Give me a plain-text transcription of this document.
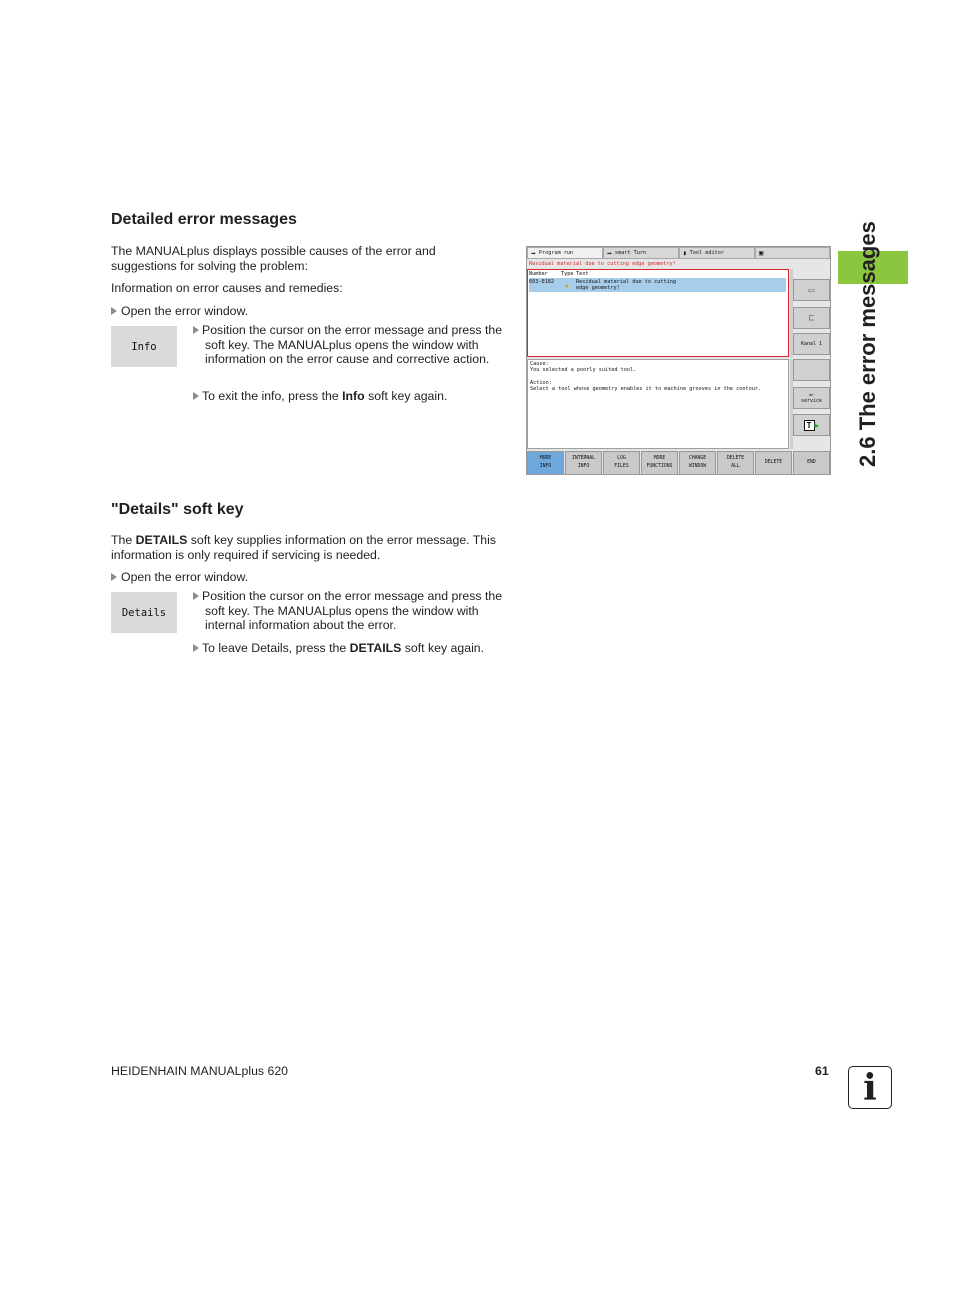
2.6 The error messages
Detailed error messages

The MANUALplus displays possible causes of the error and suggestions for solving the problem:

Information on error causes and remedies:

Open the error window.

Info

Position the cursor on the error message and press the soft key. The MANUALplus opens the window with information on the error cause and corrective action.

To exit the info, press the Info soft key again.

➡ Program run	➡ smart Turn	▮ Tool editor	▣
Residual material due to cutting edge geometry!
Number	Type Text
603-0182 ▲ Residual material due to cutting
edge geometry!
Cause:
You selected a poorly suited tool.
Action:
Select a tool whose geometry enables it to machine grooves in the contour.
▭
⊏
Kanal 1
⟜
service
T ▶
MORE
INFO
INTERNAL
INFO
LOG
FILES
MORE
FUNCTIONS
CHANGE
WINDOW
DELETE
ALL
DELETE	END
"Details" soft key

The DETAILS soft key supplies information on the error message. This information is only required if servicing is needed.

Open the error window.

Details

Position the cursor on the error message and press the soft key. The MANUALplus opens the window with internal information about the error.

To leave Details, press the DETAILS soft key again.

HEIDENHAIN MANUALplus 620	61 i
